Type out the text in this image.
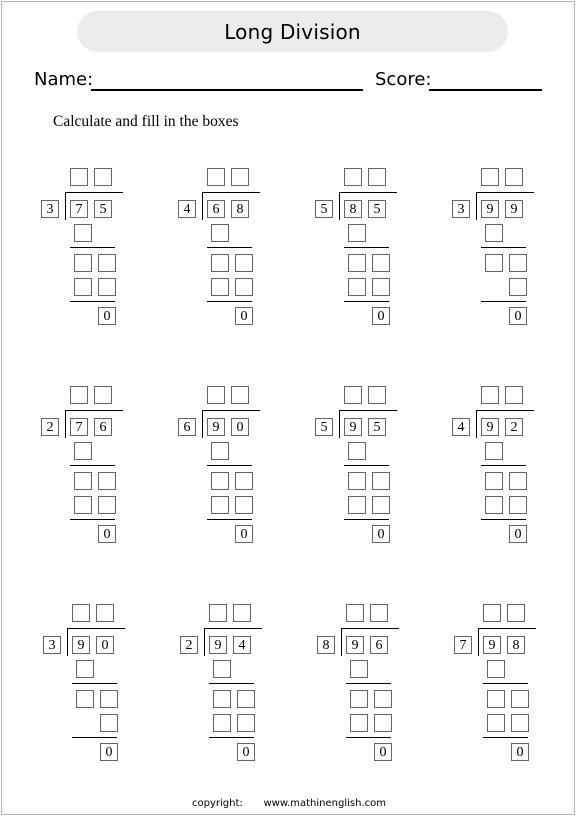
Long Division
Name:	Score:
Calculate and fill in the boxes
3	7	5
0
4	6	8
0
5	8	5
0
3	9	9
0
2	7	6
0
6	9	0
0
5	9	5
0
4	9	2
0
3	9	0
0
2	9	4
0
8	9	6
0
7	9	8
0
copyright: www.mathinenglish.com
